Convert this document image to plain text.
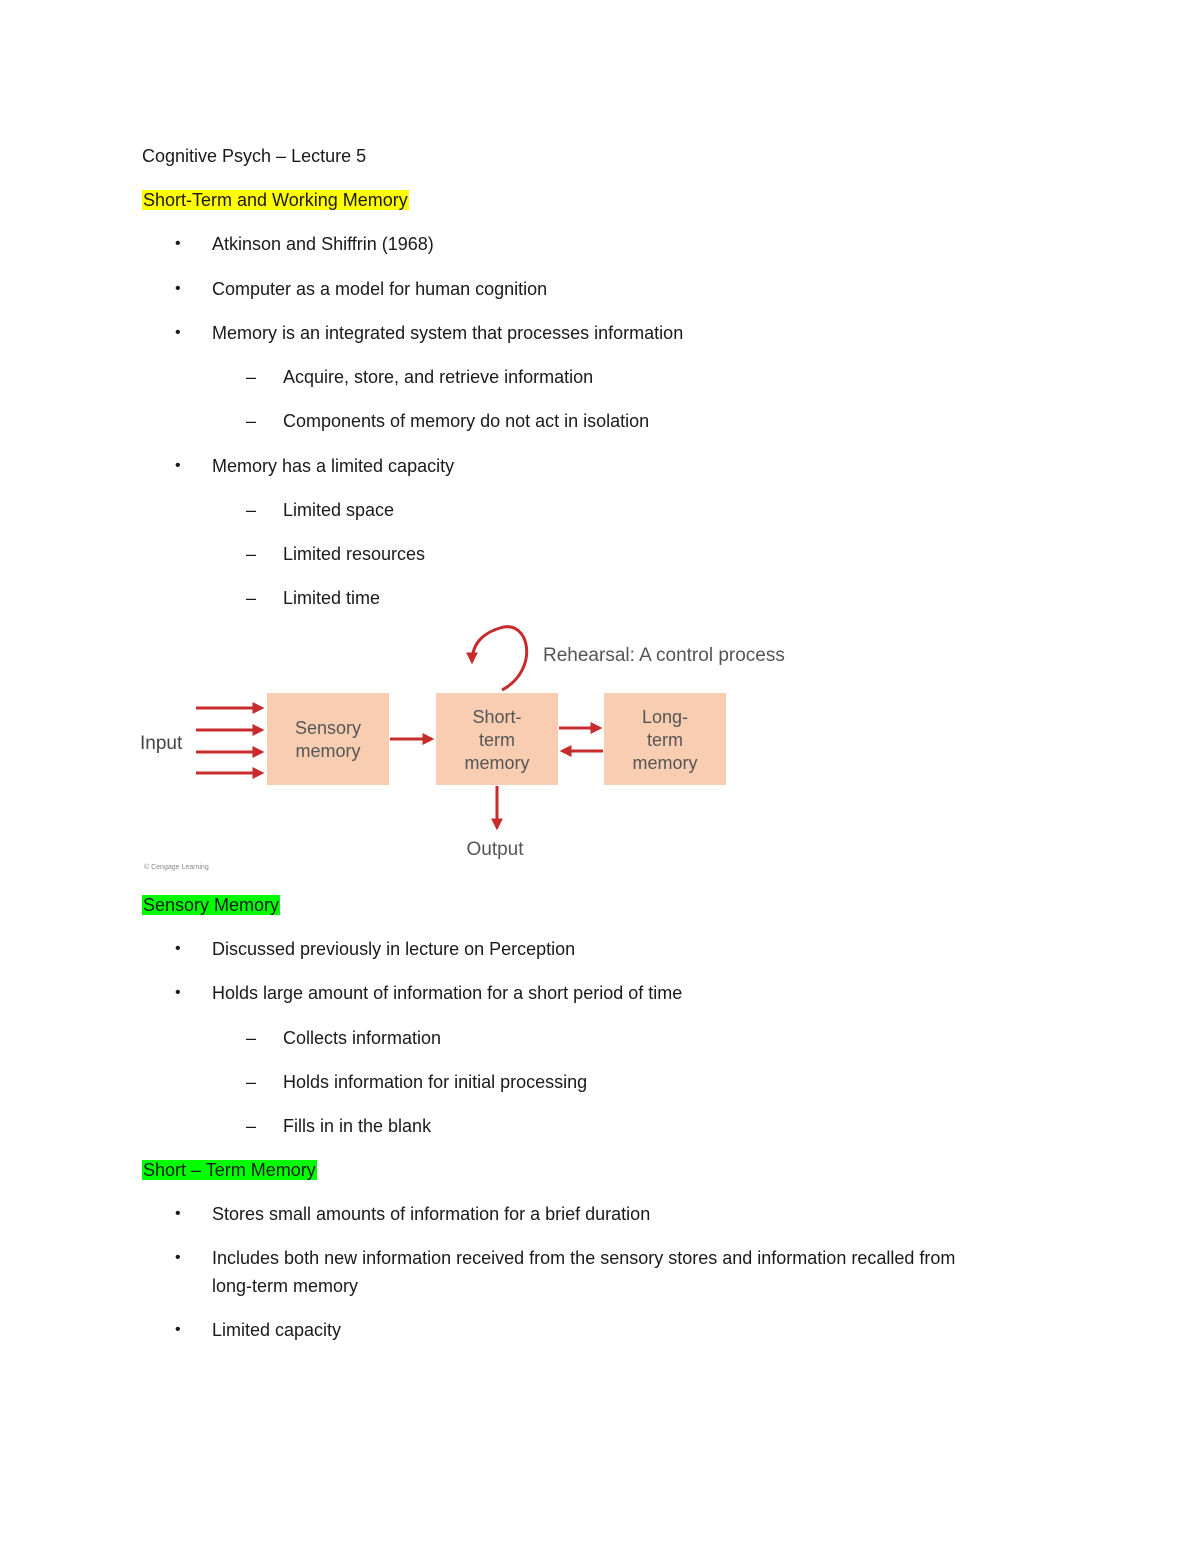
Cognitive Psych – Lecture 5
Short-Term and Working Memory
• Atkinson and Shiffrin (1968)
• Computer as a model for human cognition
• Memory is an integrated system that processes information
– Acquire, store, and retrieve information
– Components of memory do not act in isolation
• Memory has a limited capacity
– Limited space
– Limited resources
– Limited time
Input
Sensory
memory
Short-
term
memory
Long-
term
memory
Output
Rehearsal: A control process
© Cengage Learning
Sensory Memory
• Discussed previously in lecture on Perception
• Holds large amount of information for a short period of time
– Collects information
– Holds information for initial processing
– Fills in in the blank
Short – Term Memory
• Stores small amounts of information for a brief duration
• Includes both new information received from the sensory stores and information recalled from
long-term memory
• Limited capacity
